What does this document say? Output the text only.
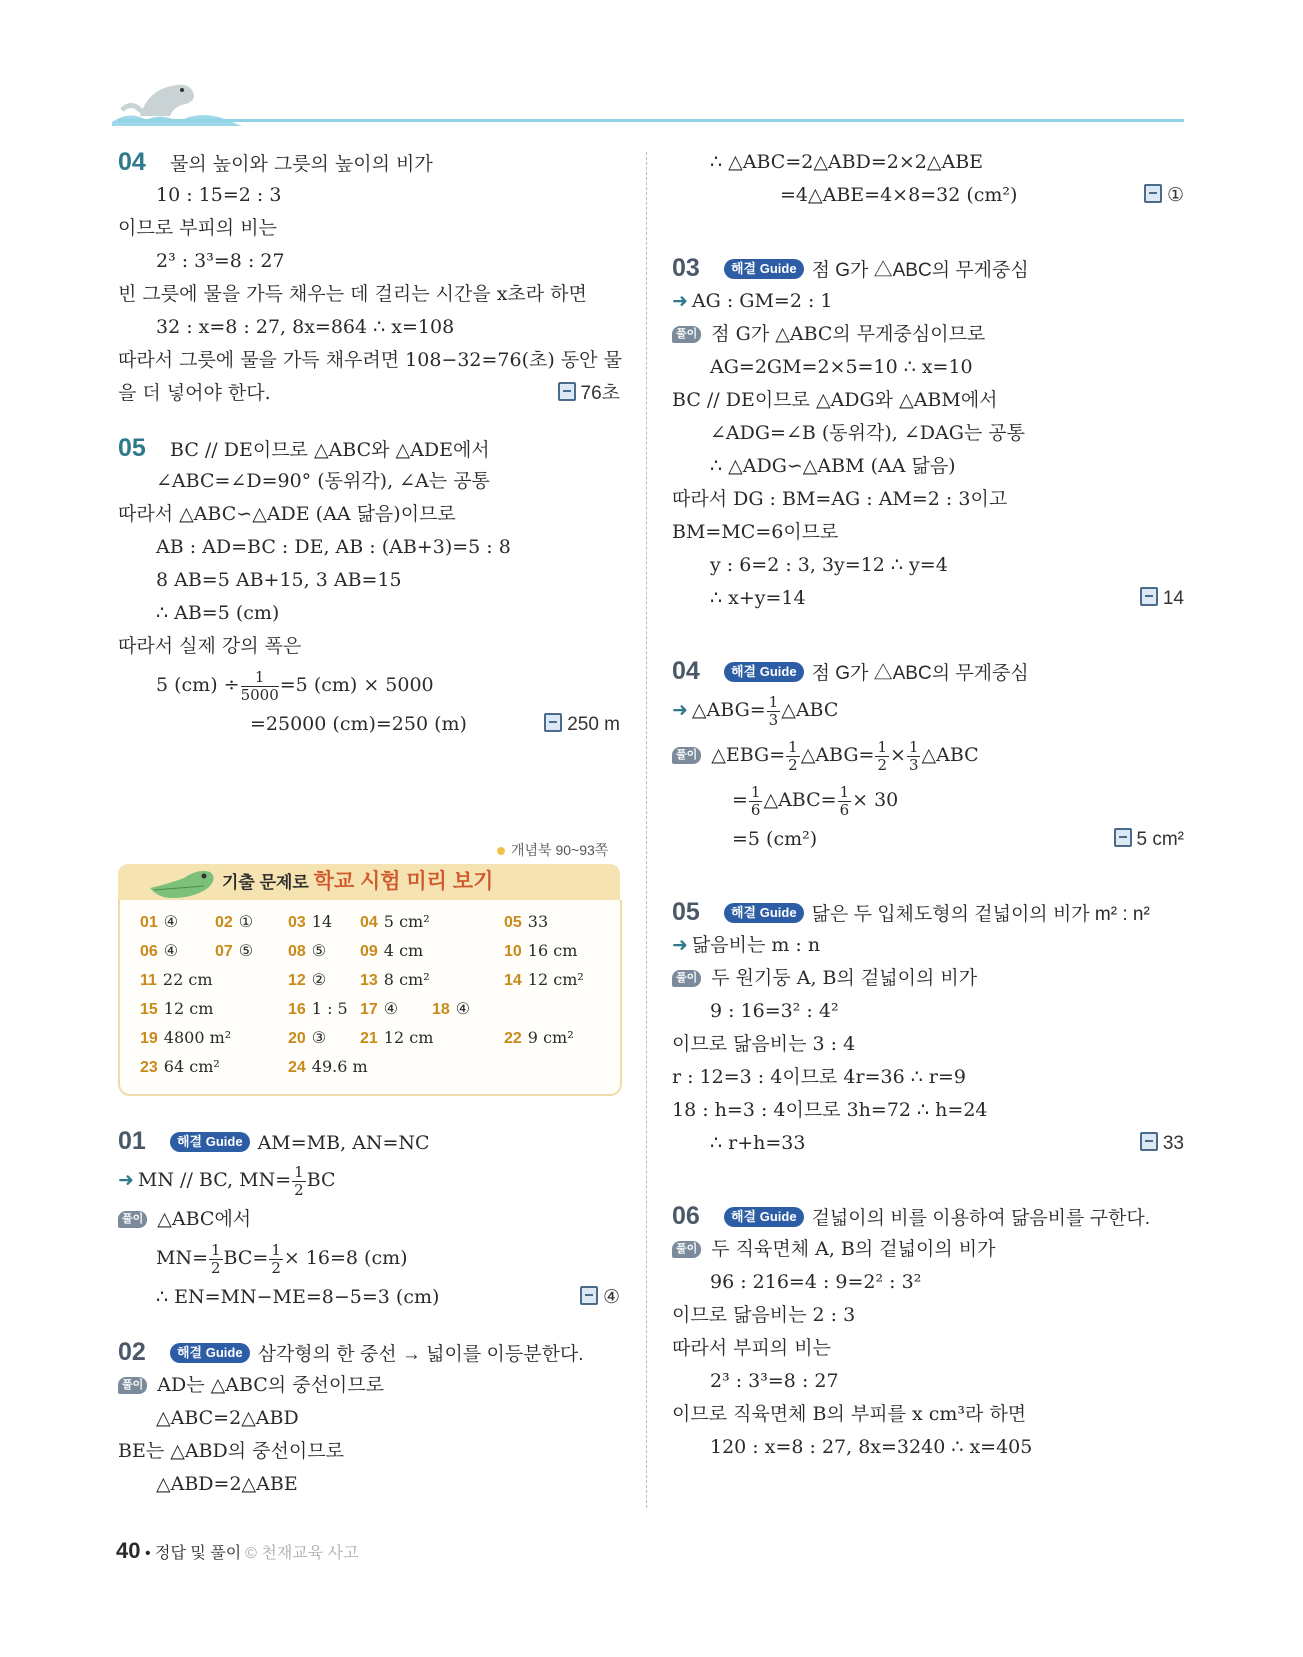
04 물의 높이와 그릇의 높이의 비가
10 : 15=2 : 3
이므로 부피의 비는
2³ : 3³=8 : 27
빈 그릇에 물을 가득 채우는 데 걸리는 시간을 x초라 하면
32 : x=8 : 27, 8x=864 ∴ x=108
따라서 그릇에 물을 가득 채우려면 108−32=76(초) 동안 물
을 더 넣어야 한다.	76초
05 BC // DE이므로 △ABC와 △ADE에서
∠ABC=∠D=90° (동위각), ∠A는 공통
따라서 △ABC∽△ADE (AA 닮음)이므로
AB : AD=BC : DE, AB : (AB+3)=5 : 8
8 AB=5 AB+15, 3 AB=15
∴ AB=5 (cm)
따라서 실제 강의 폭은
5 $(cm) \div \frac{1}{5000} =5$ (cm) × 5000
=25000 (cm)=250 (m)	250 m
개념북 90~93쪽
기출 문제로 학교 시험 미리 보기
01 ④ 02 ① 03 14 04 5 cm²	05 33
06 ④ 07 ⑤ 08 ⑤ 09 4 cm	10 16 cm
11 22 cm	12 ② 13 8 cm²	14 12 cm²
15 12 cm	16 1 : 5 17 ④ 18 ④
19 4800 m²	20 ③ 21 12 cm	22 9 cm²
23 64 cm²	24 49.6 m
01 해결 Guide AM=MB, AN=NC
➜ MN // BC, $MN= \frac{1}{2}$ BC
풀이 △ABC에서
$MN= \frac{1}{2} BC= \frac{1}{2} \times 16=8$ (cm)
∴ EN=MN−ME=8−5=3 (cm)	④
02 해결 Guide 삼각형의 한 중선 → 넓이를 이등분한다.
풀이 AD는 △ABC의 중선이므로
△ABC=2△ABD
BE는 △ABD의 중선이므로
△ABD=2△ABE
∴ △ABC=2△ABD=2×2△ABE
=4△ABE=4×8=32 (cm²)	①
03 해결 Guide 점 G가 △ABC의 무게중심
➜ AG : GM=2 : 1
풀이 점 G가 △ABC의 무게중심이므로
AG=2GM=2×5=10 ∴ x=10
BC // DE이므로 △ADG와 △ABM에서
∠ADG=∠B (동위각), ∠DAG는 공통
∴ △ADG∽△ABM (AA 닮음)
따라서 DG : BM=AG : AM=2 : 3이고
BM=MC=6이므로
y : 6=2 : 3, 3y=12 ∴ y=4
∴ x+y=14	14
04 해결 Guide 점 G가 △ABC의 무게중심
➜ △ABG= $\frac{1}{3}$ △ABC
풀이 △EBG= $\frac{1}{2}$ △ABG= $\frac{1}{2} \times \frac{1}{3}$ △ABC
= $\frac{1}{6}$ △ABC= $\frac{1}{6} \times 30$
=5 (cm²)	5 cm²
05 해결 Guide 닮은 두 입체도형의 겉넓이의 비가 m² : n²
➜ 닮음비는 m : n
풀이 두 원기둥 A, B의 겉넓이의 비가
9 : 16=3² : 4²
이므로 닮음비는 3 : 4
r : 12=3 : 4이므로 4r=36 ∴ r=9
18 : h=3 : 4이므로 3h=72 ∴ h=24
∴ r+h=33	33
06 해결 Guide 겉넓이의 비를 이용하여 닮음비를 구한다.
풀이 두 직육면체 A, B의 겉넓이의 비가
96 : 216=4 : 9=2² : 3²
이므로 닮음비는 2 : 3
따라서 부피의 비는
2³ : 3³=8 : 27
이므로 직육면체 B의 부피를 x cm³라 하면
120 : x=8 : 27, 8x=3240 ∴ x=405
40 • 정답 및 풀이 © 천재교육 사고
